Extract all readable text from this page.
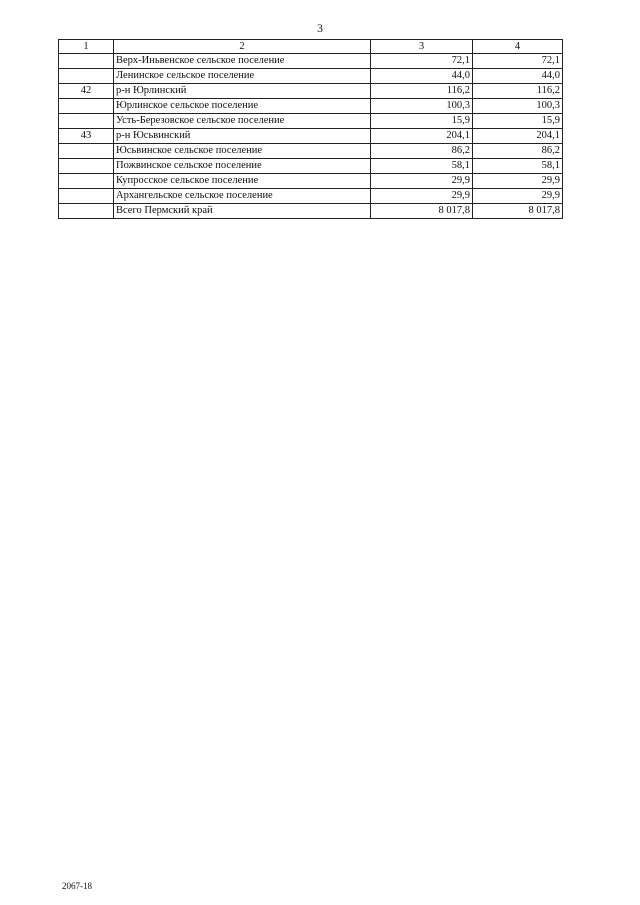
3
1	2	3	4
	Верх-Иньвенское сельское поселение	72,1	72,1
	Ленинское сельское поселение	44,0	44,0
42	р-н Юрлинский	116,2	116,2
	Юрлинское сельское поселение	100,3	100,3
	Усть-Березовское сельское поселение	15,9	15,9
43	р-н Юсьвинский	204,1	204,1
	Юсьвинское сельское поселение	86,2	86,2
	Пожвинское сельское поселение	58,1	58,1
	Купросское сельское поселение	29,9	29,9
	Архангельское сельское поселение	29,9	29,9
	Всего Пермский край	8 017,8	8 017,8
2067-18
